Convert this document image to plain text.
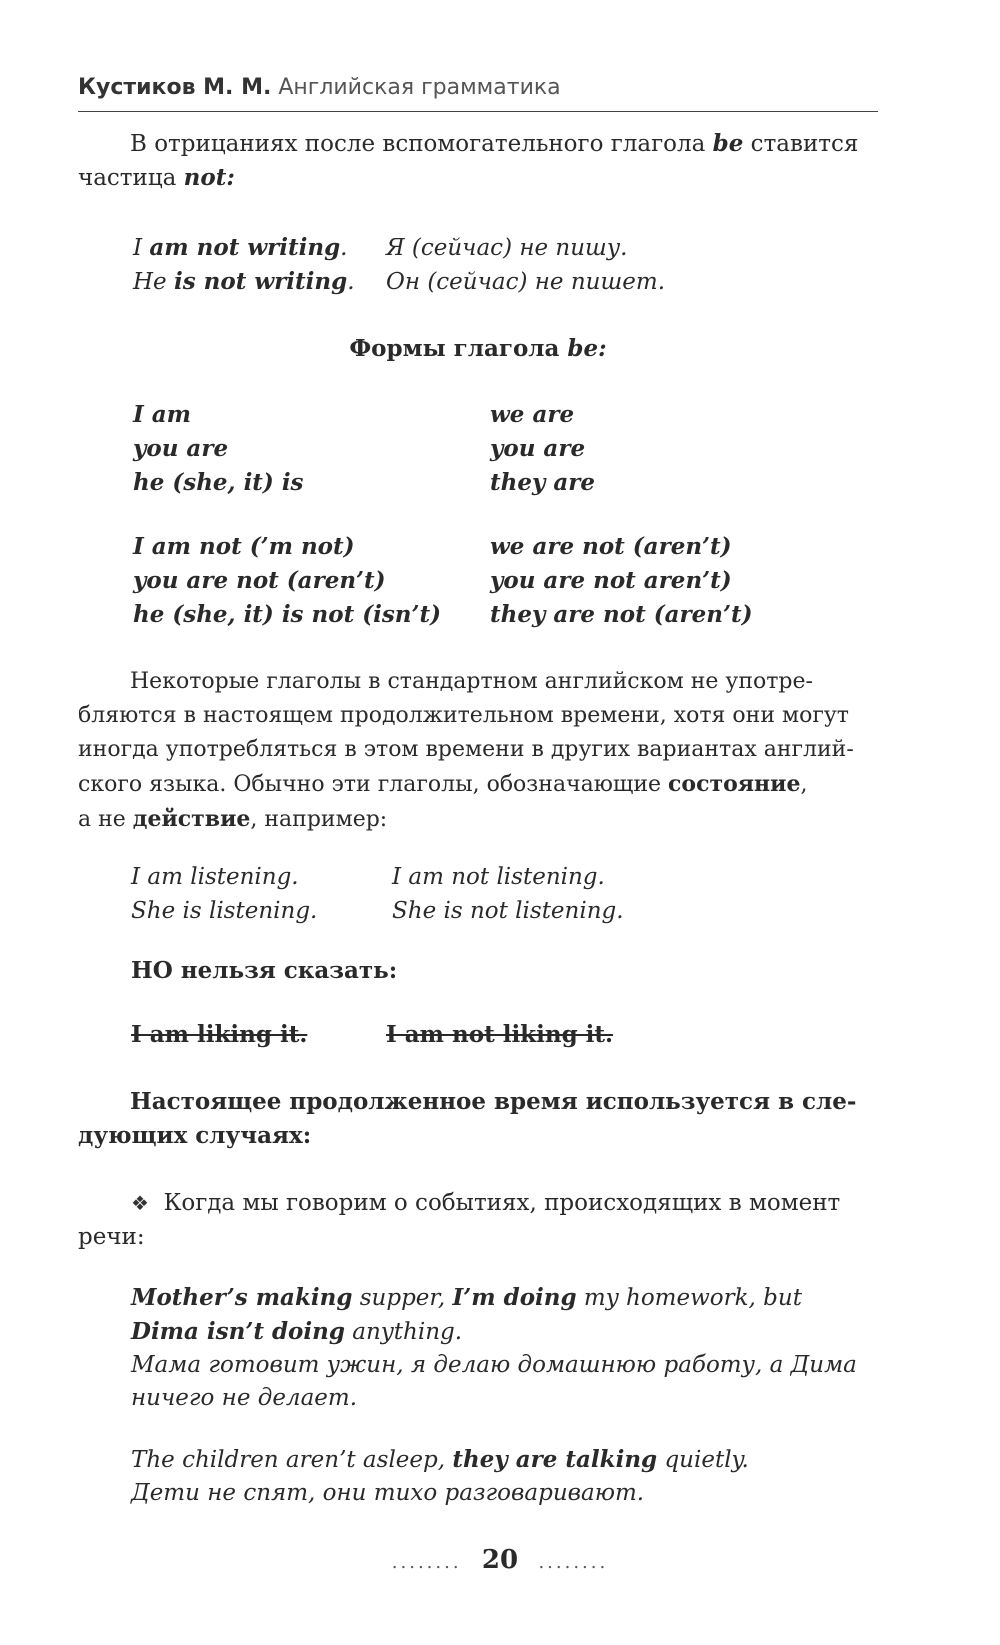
Кустиков М. М. Английская грамматика
В отрицаниях после вспомогательного глагола be ставится
частица not:
I am not writing. Я (сейчас) не пишу.
He is not writing. Он (сейчас) не пишет.
Формы глагола be:
I am
you are
he (she, it) is
we are
you are
they are
I am not (’m not)
you are not (aren’t)
he (she, it) is not (isn’t)
we are not (aren’t)
you are not aren’t)
they are not (aren’t)
Некоторые глаголы в стандартном английском не употре-
бляются в настоящем продолжительном времени, хотя они могут
иногда употребляться в этом времени в других вариантах англий-
ского языка. Обычно эти глаголы, обозначающие состояние,
а не действие, например:
I am listening.
She is listening.
I am not listening.
She is not listening.
НО нельзя сказать:
I am liking it.	I am not liking it.
Настоящее продолженное время используется в сле-
дующих случаях:
❖ Когда мы говорим о событиях, происходящих в момент
речи:
Mother’s making supper, I’m doing my homework, but
Dima isn’t doing anything.
Мама готовит ужин, я делаю домашнюю работу, а Дима
ничего не делает.
The children aren’t asleep, they are talking quietly.
Дети не спят, они тихо разговаривают.
........ 20 ........
